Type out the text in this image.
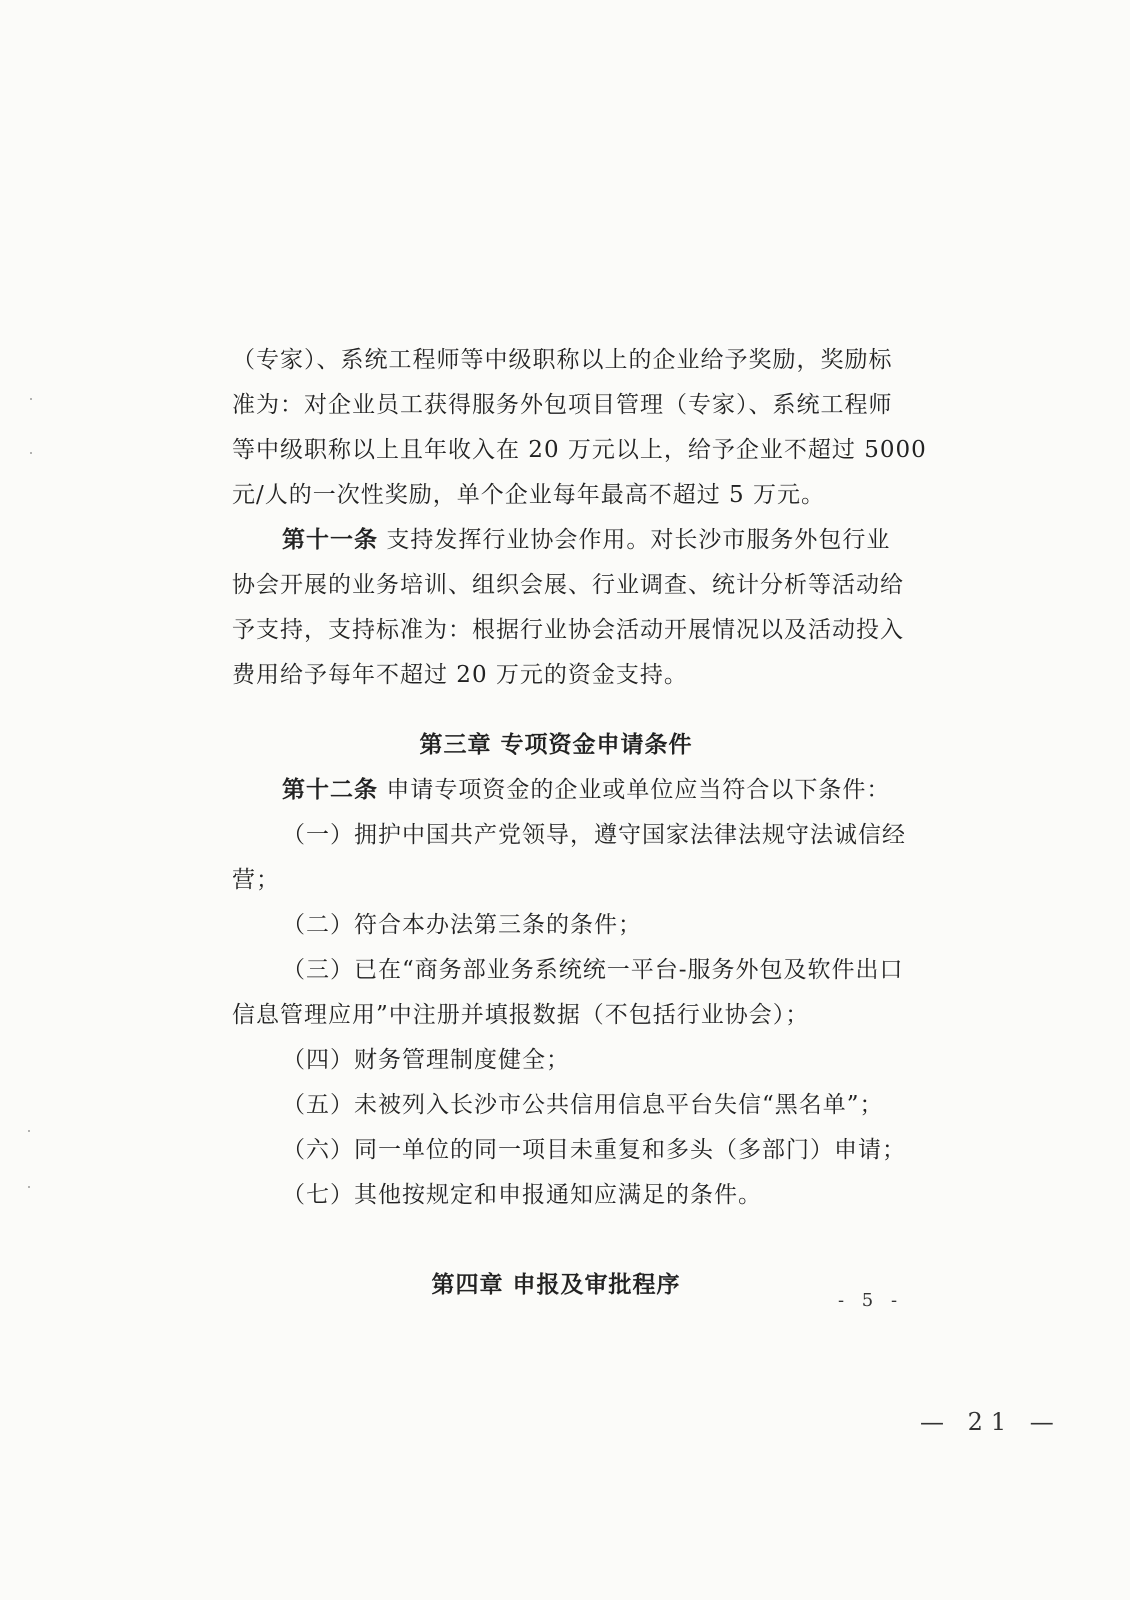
（专家）、系统工程师等中级职称以上的企业给予奖励，奖励标
准为：对企业员工获得服务外包项目管理（专家）、系统工程师
等中级职称以上且年收入在 20 万元以上，给予企业不超过 5000
元/人的一次性奖励，单个企业每年最高不超过 5 万元。
第十一条 支持发挥行业协会作用。对长沙市服务外包行业
协会开展的业务培训、组织会展、行业调查、统计分析等活动给
予支持，支持标准为：根据行业协会活动开展情况以及活动投入
费用给予每年不超过 20 万元的资金支持。
第三章 专项资金申请条件
第十二条 申请专项资金的企业或单位应当符合以下条件：
（一）拥护中国共产党领导，遵守国家法律法规守法诚信经
营；
（二）符合本办法第三条的条件；
（三）已在“商务部业务系统统一平台-服务外包及软件出口
信息管理应用”中注册并填报数据（不包括行业协会）；
（四）财务管理制度健全；
（五）未被列入长沙市公共信用信息平台失信“黑名单”；
（六）同一单位的同一项目未重复和多头（多部门）申请；
（七）其他按规定和申报通知应满足的条件。
第四章 申报及审批程序
- 5 -
— 21 —
